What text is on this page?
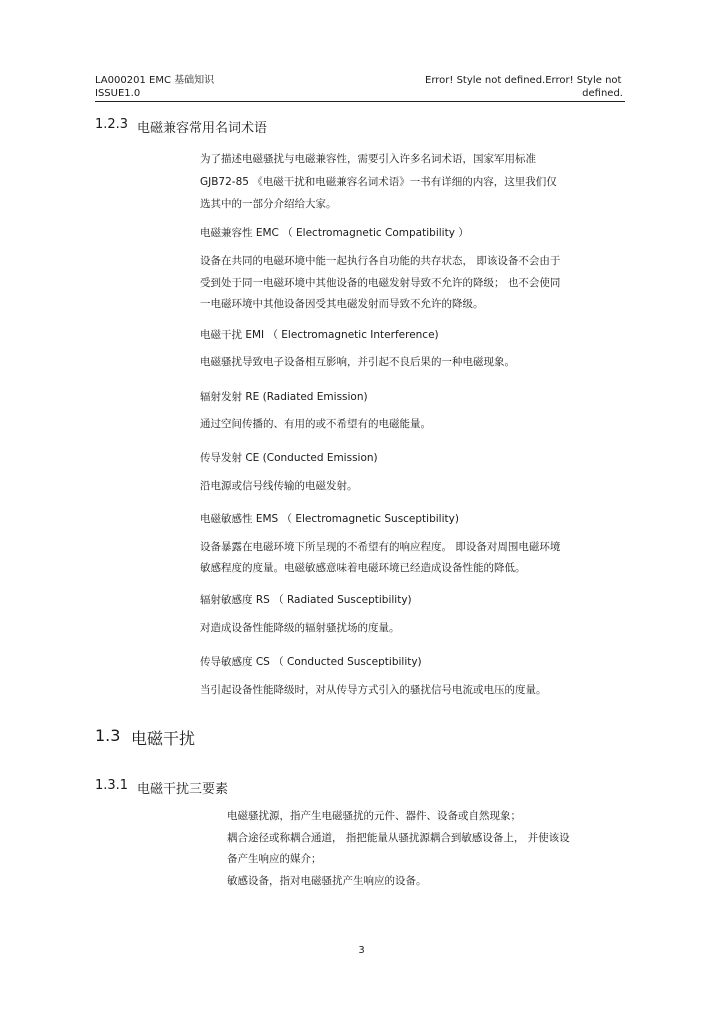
LA000201 EMC 基础知识
ISSUE1.0
Error! Style not defined.Error! Style not
defined.
1.2.3 电磁兼容常用名词术语
为了描述电磁骚扰与电磁兼容性，需要引入许多名词术语，国家军用标准
GJB72-85 《电磁干扰和电磁兼容名词术语》一书有详细的内容，这里我们仅
选其中的一部分介绍给大家。
电磁兼容性 EMC （ Electromagnetic Compatibility ）
设备在共同的电磁环境中能一起执行各自功能的共存状态， 即该设备不会由于
受到处于同一电磁环境中其他设备的电磁发射导致不允许的降级； 也不会使同
一电磁环境中其他设备因受其电磁发射而导致不允许的降级。
电磁干扰 EMI （ Electromagnetic Interference)
电磁骚扰导致电子设备相互影响，并引起不良后果的一种电磁现象。
辐射发射 RE (Radiated Emission)
通过空间传播的、有用的或不希望有的电磁能量。
传导发射 CE (Conducted Emission)
沿电源或信号线传输的电磁发射。
电磁敏感性 EMS （ Electromagnetic Susceptibility)
设备暴露在电磁环境下所呈现的不希望有的响应程度。 即设备对周围电磁环境
敏感程度的度量。电磁敏感意味着电磁环境已经造成设备性能的降低。
辐射敏感度 RS （ Radiated Susceptibility)
对造成设备性能降级的辐射骚扰场的度量。
传导敏感度 CS （ Conducted Susceptibility)
当引起设备性能降级时，对从传导方式引入的骚扰信号电流或电压的度量。
1.3 电磁干扰
1.3.1 电磁干扰三要素
电磁骚扰源，指产生电磁骚扰的元件、器件、设备或自然现象；
耦合途径或称耦合通道， 指把能量从骚扰源耦合到敏感设备上， 并使该设
备产生响应的媒介；
敏感设备，指对电磁骚扰产生响应的设备。
3
